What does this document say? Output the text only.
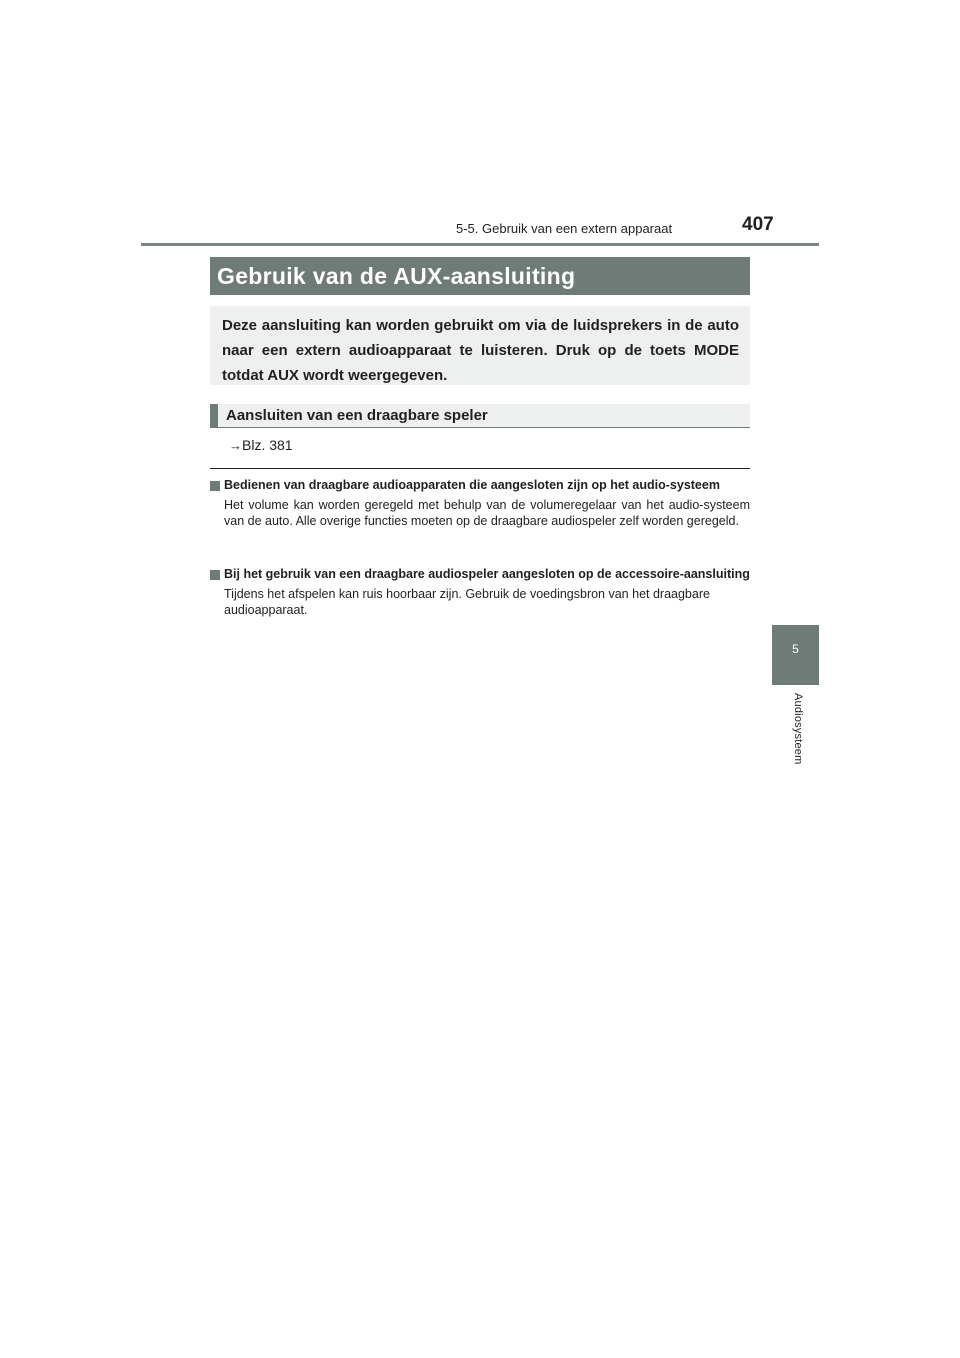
5-5. Gebruik van een extern apparaat	407
5
Audiosysteem
Gebruik van de AUX-aansluiting

Deze aansluiting kan worden gebruikt om via de luidsprekers in de auto naar een extern audioapparaat te luisteren. Druk op de toets MODE totdat AUX wordt weergegeven.

Aansluiten van een draagbare speler
→Blz. 381
Bedienen van draagbare audioapparaten die aangesloten zijn op het audio-systeem
Het volume kan worden geregeld met behulp van de volumeregelaar van het audio-systeem van de auto. Alle overige functies moeten op de draagbare audiospeler zelf worden geregeld.
Bij het gebruik van een draagbare audiospeler aangesloten op de accessoire-aansluiting
Tijdens het afspelen kan ruis hoorbaar zijn. Gebruik de voedingsbron van het draagbare audioapparaat.
